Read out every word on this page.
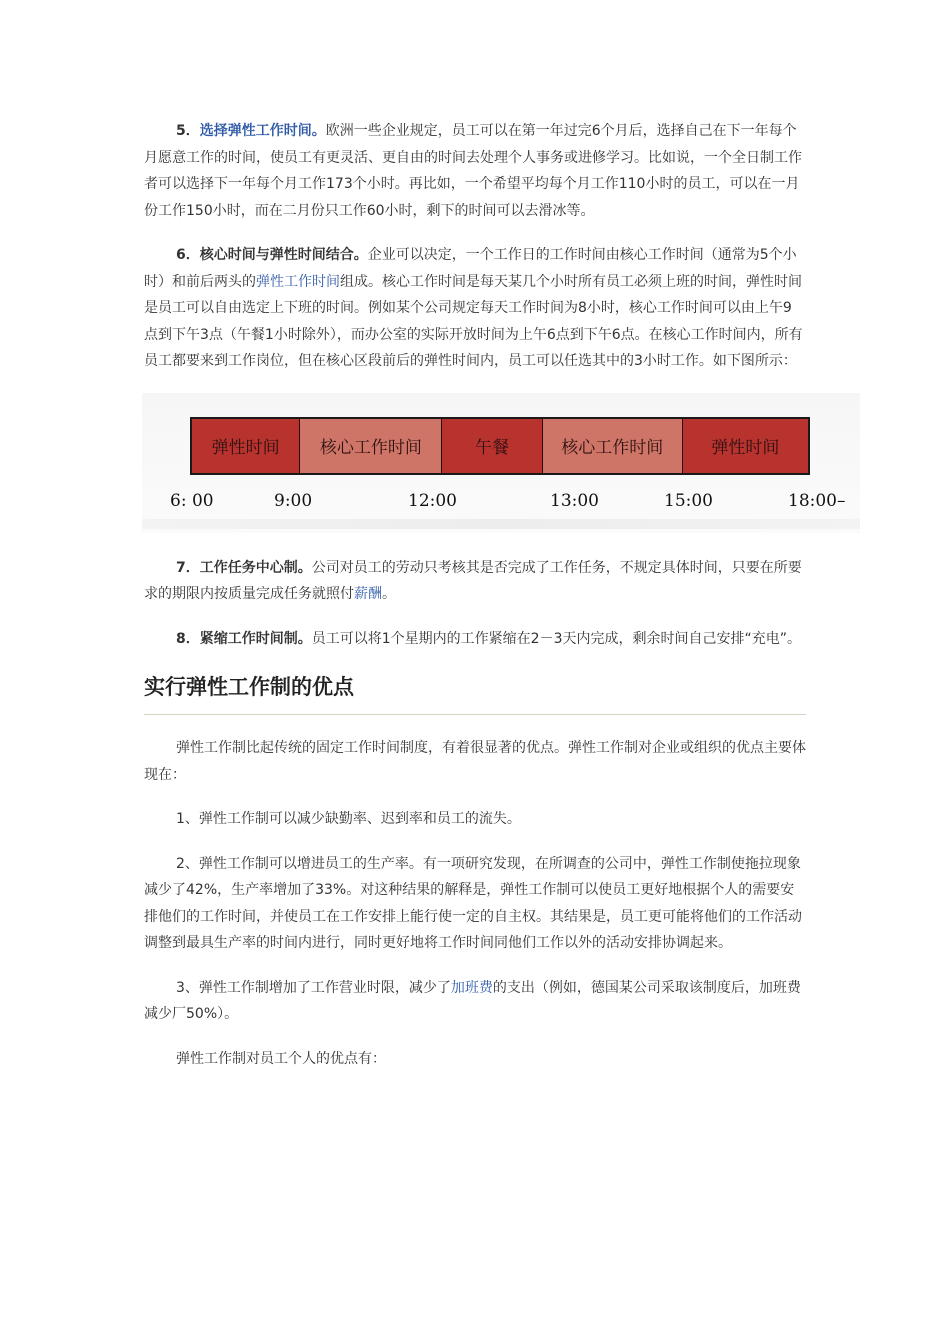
5．选择弹性工作时间。欧洲一些企业规定，员工可以在第一年过完6个月后，选择自己在下一年每个月愿意工作的时间，使员工有更灵活、更自由的时间去处理个人事务或进修学习。比如说，一个全日制工作者可以选择下一年每个月工作173个小时。再比如，一个希望平均每个月工作110小时的员工，可以在一月份工作150小时，而在二月份只工作60小时，剩下的时间可以去滑冰等。

6．核心时间与弹性时间结合。企业可以决定，一个工作日的工作时间由核心工作时间（通常为5个小时）和前后两头的弹性工作时间组成。核心工作时间是每天某几个小时所有员工必须上班的时间，弹性时间是员工可以自由选定上下班的时间。例如某个公司规定每天工作时间为8小时，核心工作时间可以由上午9 点到下午3点（午餐1小时除外），而办公室的实际开放时间为上午6点到下午6点。在核心工作时间内，所有员工都要来到工作岗位，但在核心区段前后的弹性时间内，员工可以任选其中的3小时工作。如下图所示：

弹性时间	核心工作时间	午餐	核心工作时间	弹性时间
6: 00	9:00	12:00	13:00	15:00	18:00–

7．工作任务中心制。公司对员工的劳动只考核其是否完成了工作任务，不规定具体时间，只要在所要求的期限内按质量完成任务就照付薪酬。

8．紧缩工作时间制。员工可以将1个星期内的工作紧缩在2－3天内完成，剩余时间自己安排“充电”。

实行弹性工作制的优点

弹性工作制比起传统的固定工作时间制度，有着很显著的优点。弹性工作制对企业或组织的优点主要体现在：

1、弹性工作制可以减少缺勤率、迟到率和员工的流失。

2、弹性工作制可以增进员工的生产率。有一项研究发现，在所调查的公司中，弹性工作制使拖拉现象减少了42%，生产率增加了33%。对这种结果的解释是，弹性工作制可以使员工更好地根据个人的需要安排他们的工作时间，并使员工在工作安排上能行使一定的自主权。其结果是，员工更可能将他们的工作活动调整到最具生产率的时间内进行，同时更好地将工作时间同他们工作以外的活动安排协调起来。

3、弹性工作制增加了工作营业时限，减少了加班费的支出（例如，德国某公司采取该制度后，加班费减少厂50%）。

弹性工作制对员工个人的优点有：
